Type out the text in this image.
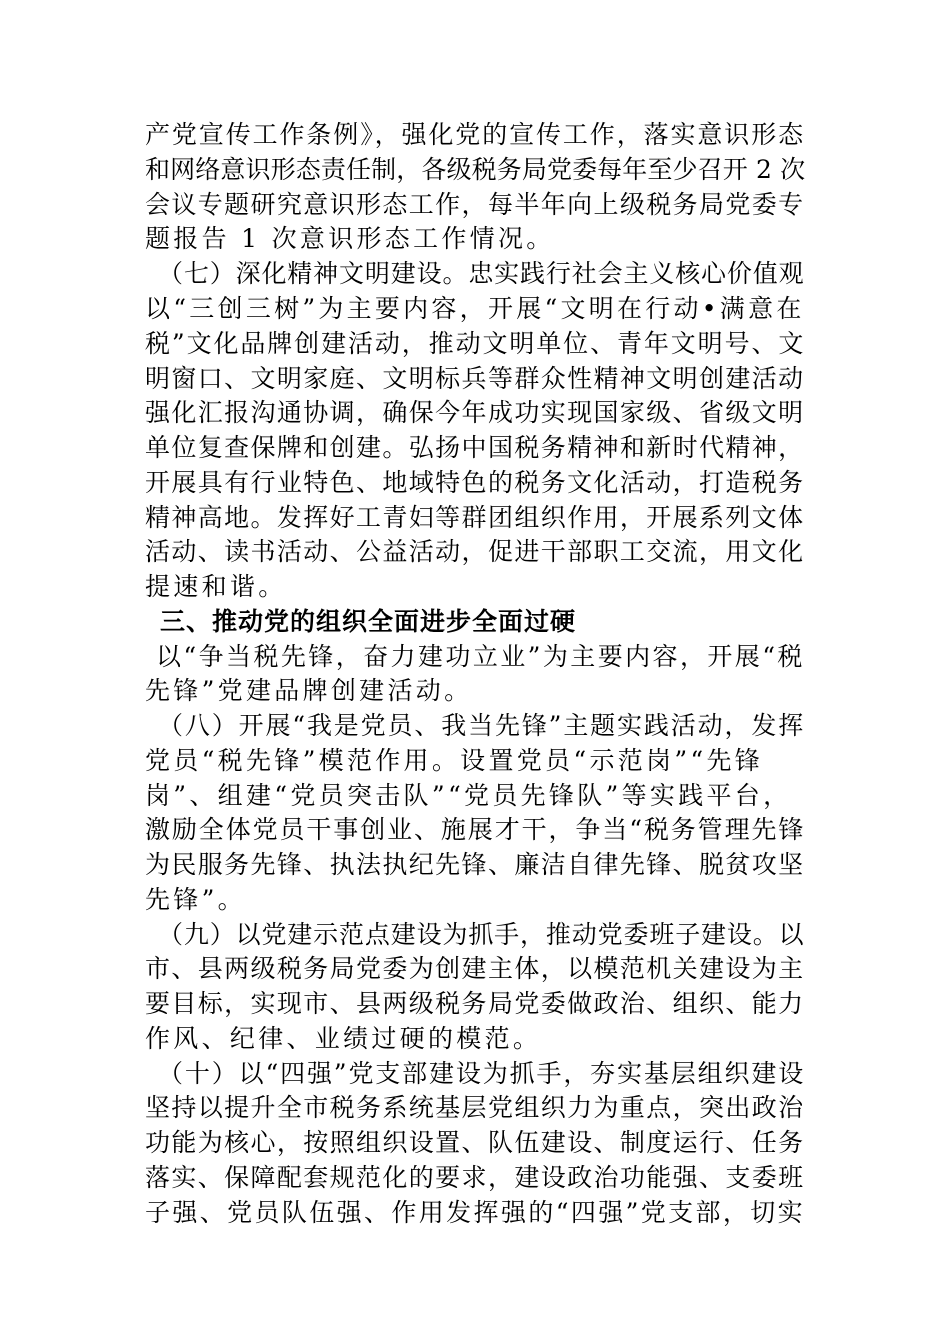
产党宣传工作条例》，强化党的宣传工作，落实意识形态
和网络意识形态责任制，各级税务局党委每年至少召开 2 次
会议专题研究意识形态工作，每半年向上级税务局党委专
题报告 1 次意识形态工作情况。
（七）深化精神文明建设。忠实践行社会主义核心价值观
以“三创三树”为主要内容，开展“文明在行动•满意在
税”文化品牌创建活动，推动文明单位、青年文明号、文
明窗口、文明家庭、文明标兵等群众性精神文明创建活动
强化汇报沟通协调，确保今年成功实现国家级、省级文明
单位复查保牌和创建。弘扬中国税务精神和新时代精神，
开展具有行业特色、地域特色的税务文化活动，打造税务
精神高地。发挥好工青妇等群团组织作用，开展系列文体
活动、读书活动、公益活动，促进干部职工交流，用文化
提速和谐。
三、推动党的组织全面进步全面过硬
以“争当税先锋，奋力建功立业”为主要内容，开展“税
先锋”党建品牌创建活动。
（八）开展“我是党员、我当先锋”主题实践活动，发挥
党员“税先锋”模范作用。设置党员“示范岗”“先锋
岗”、组建“党员突击队”“党员先锋队”等实践平台，
激励全体党员干事创业、施展才干，争当“税务管理先锋
为民服务先锋、执法执纪先锋、廉洁自律先锋、脱贫攻坚
先锋”。
（九）以党建示范点建设为抓手，推动党委班子建设。以
市、县两级税务局党委为创建主体，以模范机关建设为主
要目标，实现市、县两级税务局党委做政治、组织、能力
作风、纪律、业绩过硬的模范。
（十）以“四强”党支部建设为抓手，夯实基层组织建设
坚持以提升全市税务系统基层党组织力为重点，突出政治
功能为核心，按照组织设置、队伍建设、制度运行、任务
落实、保障配套规范化的要求，建设政治功能强、支委班
子强、党员队伍强、作用发挥强的“四强”党支部，切实
